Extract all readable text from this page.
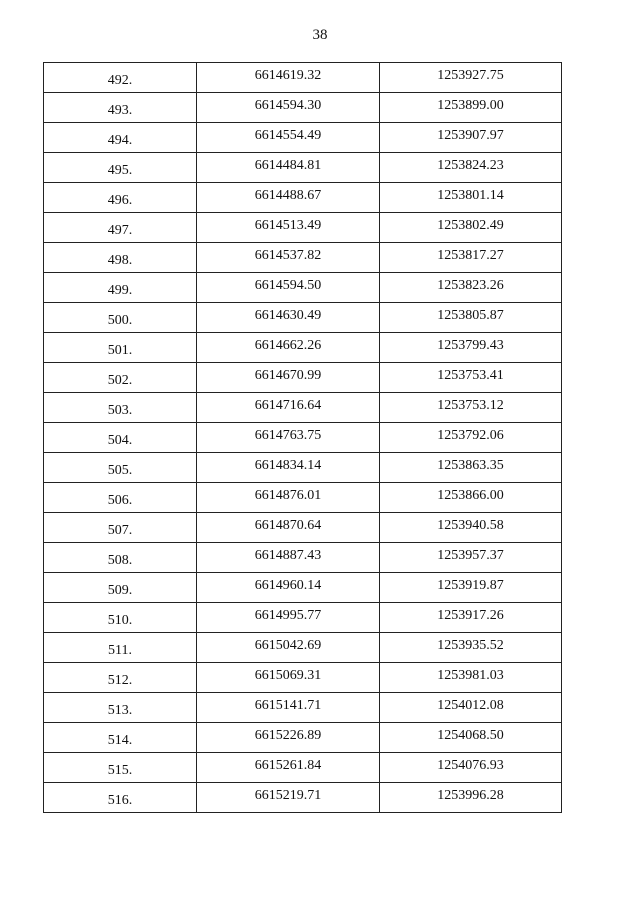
38
492.	6614619.32	1253927.75
493.	6614594.30	1253899.00
494.	6614554.49	1253907.97
495.	6614484.81	1253824.23
496.	6614488.67	1253801.14
497.	6614513.49	1253802.49
498.	6614537.82	1253817.27
499.	6614594.50	1253823.26
500.	6614630.49	1253805.87
501.	6614662.26	1253799.43
502.	6614670.99	1253753.41
503.	6614716.64	1253753.12
504.	6614763.75	1253792.06
505.	6614834.14	1253863.35
506.	6614876.01	1253866.00
507.	6614870.64	1253940.58
508.	6614887.43	1253957.37
509.	6614960.14	1253919.87
510.	6614995.77	1253917.26
511.	6615042.69	1253935.52
512.	6615069.31	1253981.03
513.	6615141.71	1254012.08
514.	6615226.89	1254068.50
515.	6615261.84	1254076.93
516.	6615219.71	1253996.28
